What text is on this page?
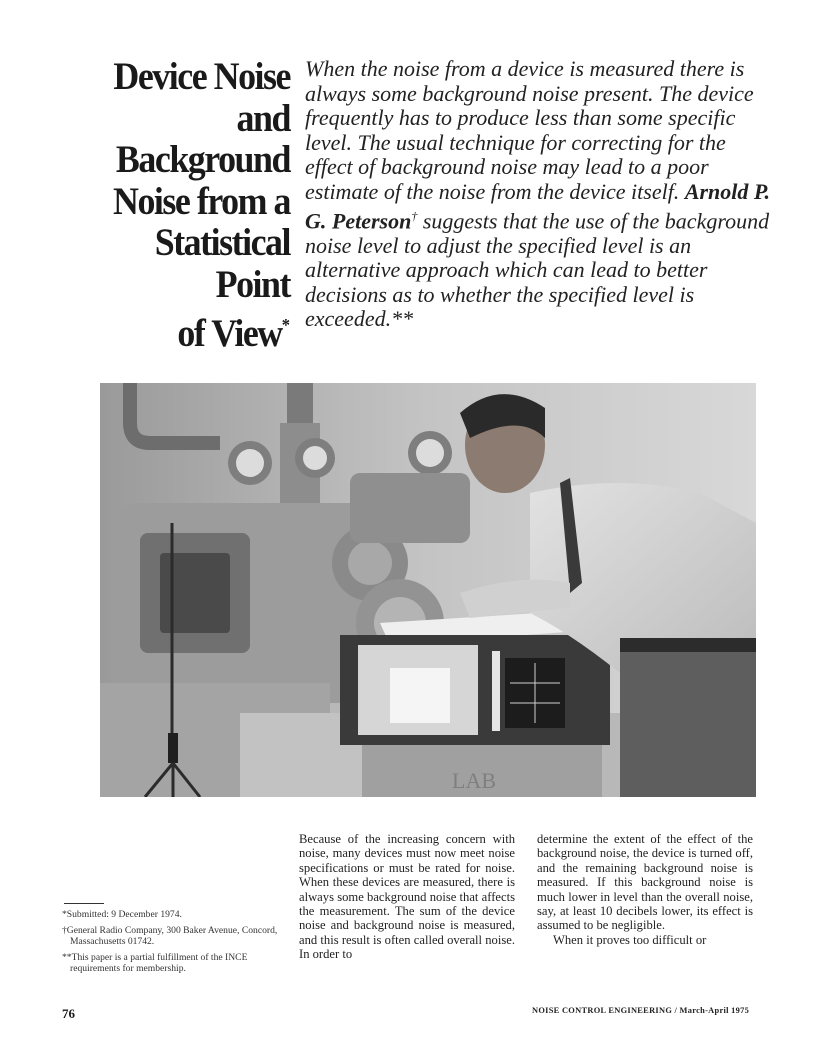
Device Noise
and
Background
Noise from a
Statistical
Point
of View*

When the noise from a device is measured there is always some background noise present. The device frequently has to produce less than some specific level. The usual technique for correcting for the effect of background noise may lead to a poor estimate of the noise from the device itself. Arnold P. G. Peterson† suggests that the use of the background noise level to adjust the specified level is an alternative approach which can lead to better decisions as to whether the specified level is exceeded.**

LAB

Because of the increasing concern with noise, many devices must now meet noise specifications or must be rated for noise. When these devices are measured, there is always some background noise that affects the measurement. The sum of the device noise and background noise is measured, and this result is often called overall noise. In order to

determine the extent of the effect of the background noise, the device is turned off, and the remaining background noise is measured. If this background noise is much lower in level than the overall noise, say, at least 10 decibels lower, its effect is assumed to be negligible.
When it proves too difficult or

*Submitted: 9 December 1974.

†General Radio Company, 300 Baker Avenue, Concord, Massachusetts 01742.

**This paper is a partial fulfillment of the INCE requirements for membership.

76	NOISE CONTROL ENGINEERING / March-April 1975
